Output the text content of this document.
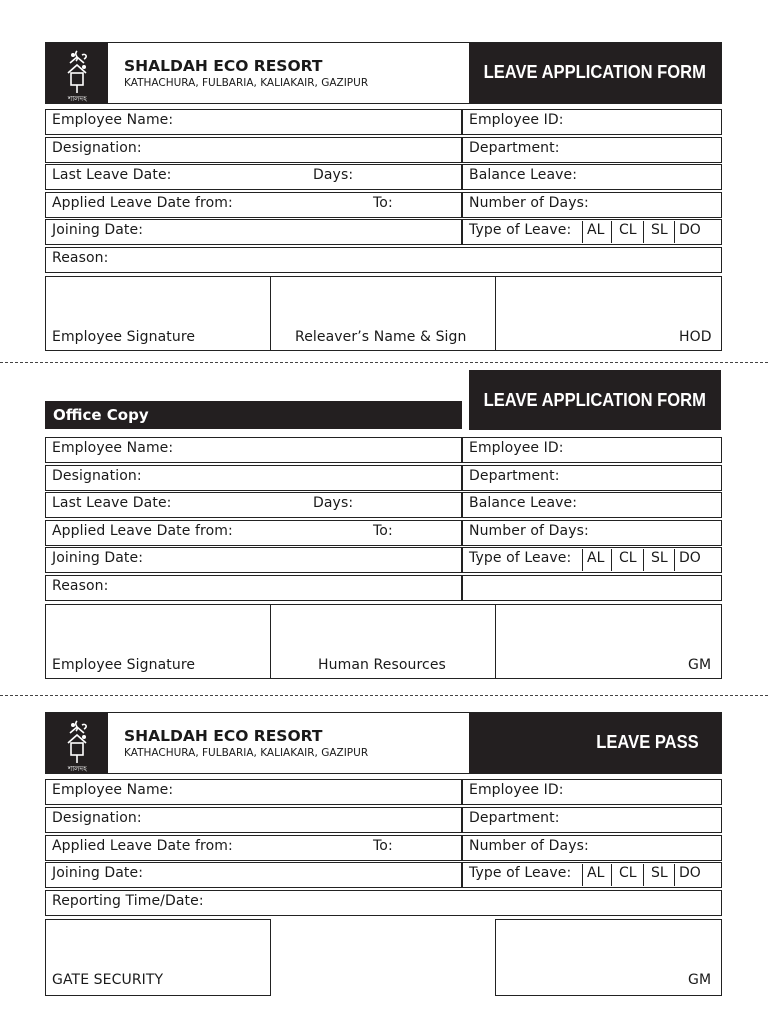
শালদহ
SHALDAH ECO RESORT
KATHACHURA, FULBARIA, KALIAKAIR, GAZIPUR
LEAVE APPLICATION FORM
Employee Name:	Employee ID:
Designation:	Department:
Last Leave Date:	Days:	Balance Leave:
Applied Leave Date from:	To:	Number of Days:
Joining Date:	Type of Leave: AL CL SL DO
Reason:
Employee Signature	Releaver’s Name & Sign	HOD
LEAVE APPLICATION FORM
Office Copy
Employee Name:	Employee ID:
Designation:	Department:
Last Leave Date:	Days:	Balance Leave:
Applied Leave Date from:	To:	Number of Days:
Joining Date:	Type of Leave: AL CL SL DO
Reason:
Employee Signature	Human Resources	GM
শালদহ
SHALDAH ECO RESORT
KATHACHURA, FULBARIA, KALIAKAIR, GAZIPUR
LEAVE PASS
Employee Name:	Employee ID:
Designation:	Department:
Applied Leave Date from:	To:	Number of Days:
Joining Date:	Type of Leave: AL CL SL DO
Reporting Time/Date:
GATE SECURITY	GM
